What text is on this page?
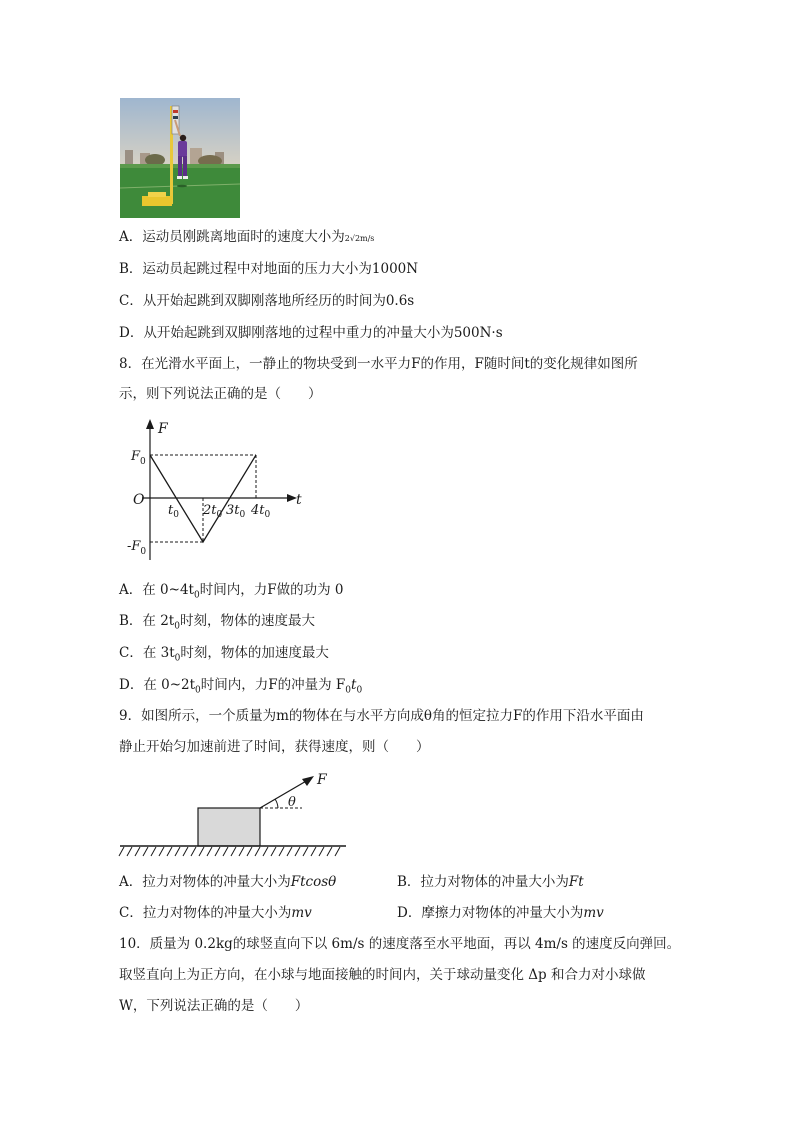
A．运动员刚跳离地面时的速度大小为2√2m/s
B．运动员起跳过程中对地面的压力大小为1000N
C．从开始起跳到双脚刚落地所经历的时间为0.6s
D．从开始起跳到双脚刚落地的过程中重力的冲量大小为500N·s
8．在光滑水平面上，一静止的物块受到一水平力F的作用，F随时间t的变化规律如图所
示，则下列说法正确的是（　　）
F
t
O
$F_0$
$-F_0$
$t_0$ $2t_0$ $3t_0$ $4t_0$
A．在 $0\sim 4t_0$时间内，力F做的功为 0
B．在 $2t_0$时刻，物体的速度最大
C．在 $3t_0$时刻，物体的加速度最大
D．在 $0\sim 2t_0$时间内，力F的冲量为 $F_0t_0$
9．如图所示，一个质量为m的物体在与水平方向成θ角的恒定拉力F的作用下沿水平面由
静止开始匀加速前进了时间，获得速度，则（　　）
F
θ
A．拉力对物体的冲量大小为Ftcosθ	B．拉力对物体的冲量大小为Ft
C．拉力对物体的冲量大小为mv	D．摩擦力对物体的冲量大小为mv
10．质量为 0.2kg的球竖直向下以 6m/s 的速度落至水平地面，再以 4m/s 的速度反向弹回。
取竖直向上为正方向，在小球与地面接触的时间内，关于球动量变化 Δp 和合力对小球做
W，下列说法正确的是（　　）
